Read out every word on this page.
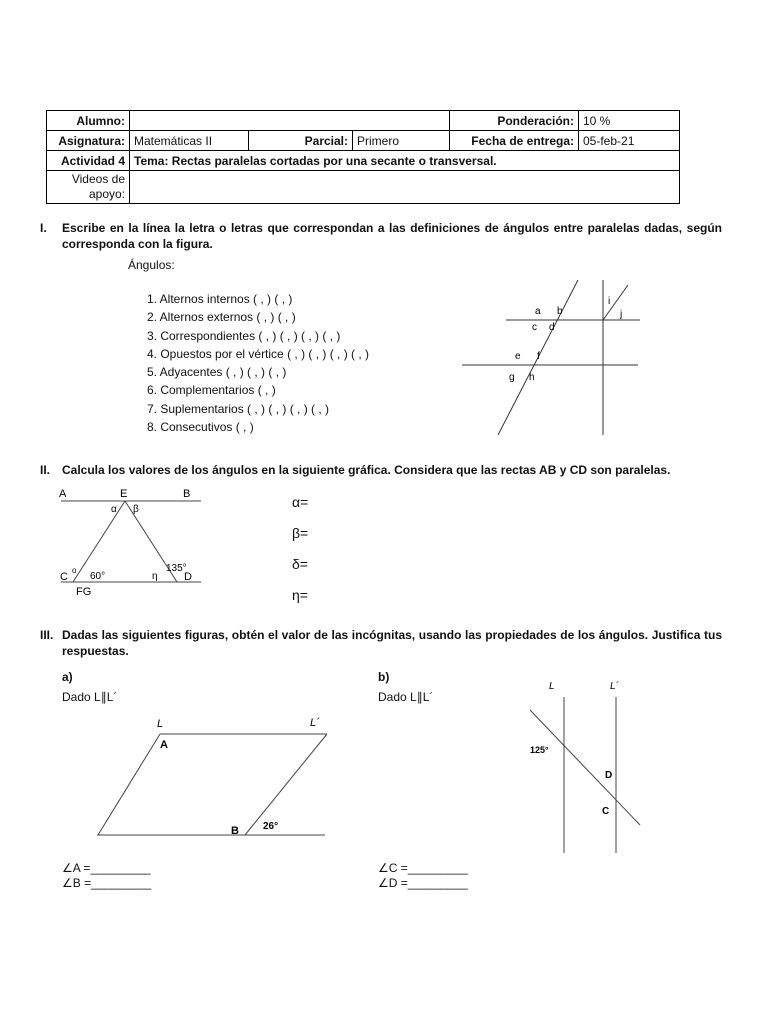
Alumno:				Ponderación:	10 %
Asignatura:	Matemáticas II	Parcial:	Primero	Fecha de entrega:	05-feb-21
Actividad 4	Tema: Rectas paralelas cortadas por una secante o transversal.				
Videos de apoyo:					
I. Escribe en la línea la letra o letras que correspondan a las definiciones de ángulos entre paralelas dadas, según corresponda con la figura.
Ángulos:
1. Alternos internos ( , ) ( , )
2. Alternos externos ( , ) ( , )
3. Correspondientes ( , ) ( , ) ( , ) ( , )
4. Opuestos por el vértice ( , ) ( , ) ( , ) ( , )
5. Adyacentes ( , ) ( , ) ( , )
6. Complementarios ( , )
7. Suplementarios ( , ) ( , ) ( , ) ( , )
8. Consecutivos ( , )
a b
c d
e f
g h
i
j
II. Calcula los valores de los ángulos en la siguiente gráfica. Considera que las rectas AB y CD son paralelas.
A	E	B
α β
C
o
60°	η
135°
D
FG
α=
β=
δ=
η=
III. Dadas las siguientes figuras, obtén el valor de las incógnitas, usando las propiedades de los ángulos. Justifica tus respuestas.
a)
Dado L∥L´
L	L´
A
B 26°
∠A =_________
∠B =_________
b)
Dado L∥L´
L	L´
125°
D
C
∠C =_________
∠D =_________
